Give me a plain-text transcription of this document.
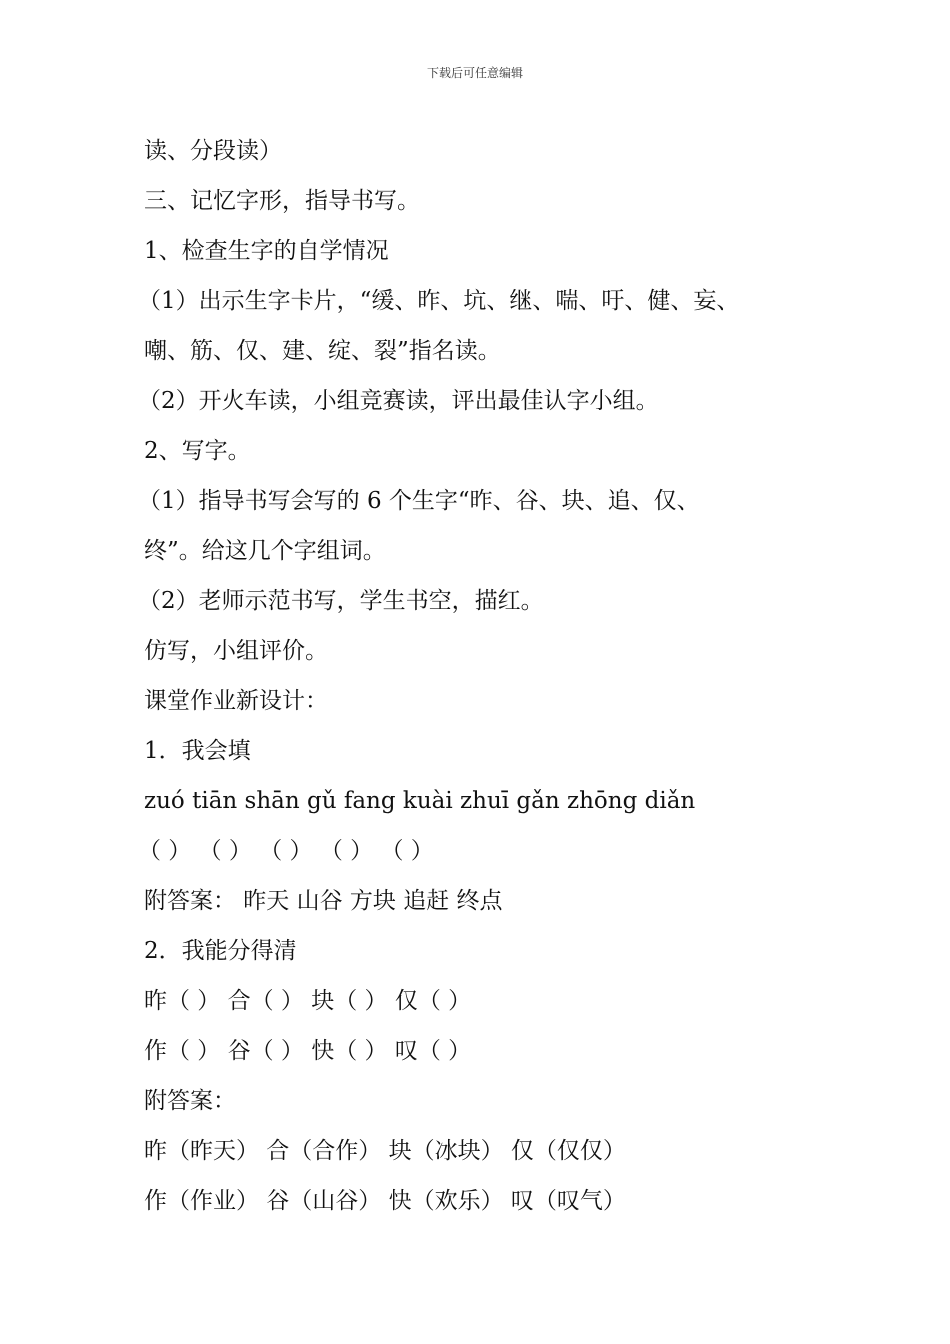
下载后可任意编辑
读、分段读）
三、记忆字形，指导书写。
1、检查生字的自学情况
（1）出示生字卡片，“缓、昨、坑、继、喘、吁、健、妄、
嘲、筋、仅、建、绽、裂”指名读。
（2）开火车读，小组竞赛读，评出最佳认字小组。
2、写字。
（1）指导书写会写的 6 个生字“昨、谷、块、追、仅、
终”。给这几个字组词。
（2）老师示范书写，学生书空，描红。
仿写，小组评价。
课堂作业新设计：
1．我会填
zuó tiān shān gǔ fang kuài zhuī gǎn zhōng diǎn
（ ） （ ） （ ） （ ） （ ）
附答案： 昨天 山谷 方块 追赶 终点
2．我能分得清
昨（ ） 合（ ） 块（ ） 仅（ ）
作（ ） 谷（ ） 快（ ） 叹（ ）
附答案：
昨（昨天） 合（合作） 块（冰块） 仅（仅仅）
作（作业） 谷（山谷） 快（欢乐） 叹（叹气）
